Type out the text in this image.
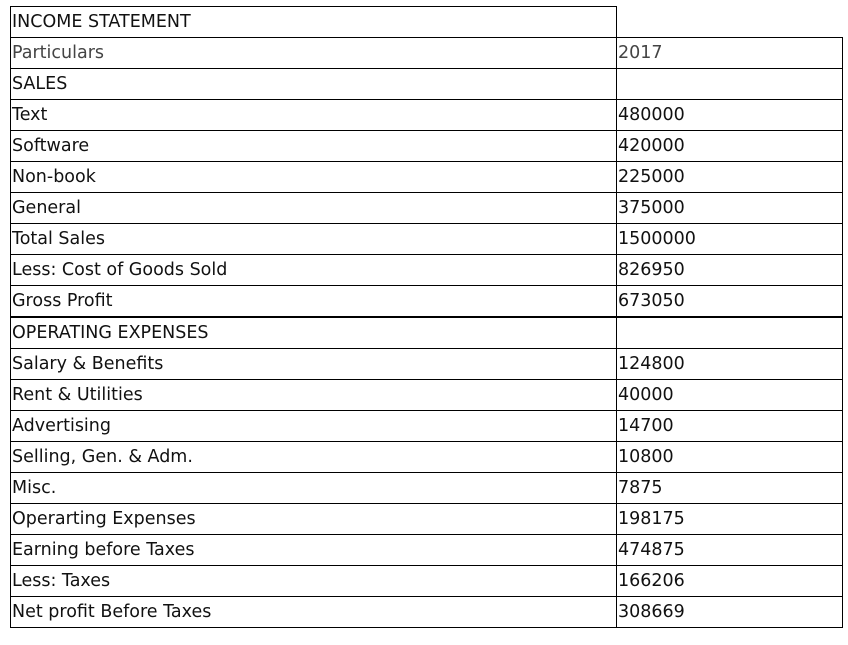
INCOME STATEMENT	
Particulars	2017
SALES	
Text	480000
Software	420000
Non-book	225000
General	375000
Total Sales	1500000
Less: Cost of Goods Sold	826950
Gross Profit	673050
OPERATING EXPENSES	
Salary & Benefits	124800
Rent & Utilities	40000
Advertising	14700
Selling, Gen. & Adm.	10800
Misc.	7875
Operarting Expenses	198175
Earning before Taxes	474875
Less: Taxes	166206
Net profit Before Taxes	308669
